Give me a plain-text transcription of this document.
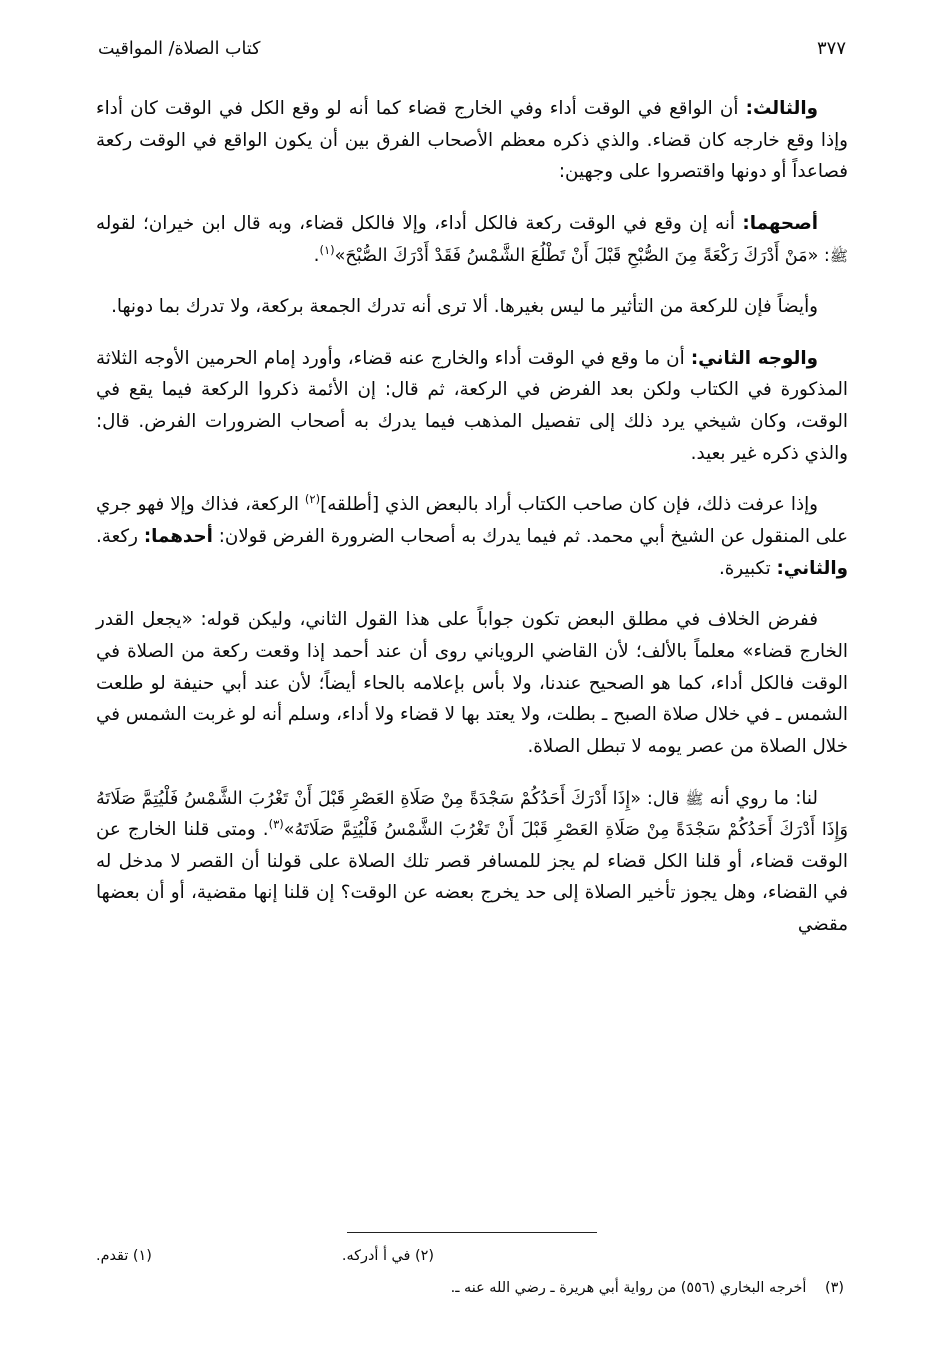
كتاب الصلاة/ المواقيت	٣٧٧

والثالث: أن الواقع في الوقت أداء وفي الخارج قضاء كما أنه لو وقع الكل في الوقت كان أداء وإذا وقع خارجه كان قضاء. والذي ذكره معظم الأصحاب الفرق بين أن يكون الواقع في الوقت ركعة فصاعداً أو دونها واقتصروا على وجهين:

أصحهما: أنه إن وقع في الوقت ركعة فالكل أداء، وإلا فالكل قضاء، وبه قال ابن خيران؛ لقوله ﷺ: «مَنْ أَدْرَكَ رَكْعَةً مِنَ الصُّبْحِ قَبْلَ أَنْ تَطْلُعَ الشَّمْسُ فَقَدْ أَدْرَكَ الصُّبْحَ»$^{(١)}$.

وأيضاً فإن للركعة من التأثير ما ليس بغيرها. ألا ترى أنه تدرك الجمعة بركعة، ولا تدرك بما دونها.

والوجه الثاني: أن ما وقع في الوقت أداء والخارج عنه قضاء، وأورد إمام الحرمين الأوجه الثلاثة المذكورة في الكتاب ولكن بعد الفرض في الركعة، ثم قال: إن الأئمة ذكروا الركعة فيما يقع في الوقت، وكان شيخي يرد ذلك إلى تفصيل المذهب فيما يدرك به أصحاب الضرورات الفرض. قال: والذي ذكره غير بعيد.

وإذا عرفت ذلك، فإن كان صاحب الكتاب أراد بالبعض الذي [أطلقه]$^{(٢)}$ الركعة، فذاك وإلا فهو جري على المنقول عن الشيخ أبي محمد. ثم فيما يدرك به أصحاب الضرورة الفرض قولان: أحدهما: ركعة. والثاني: تكبيرة.

ففرض الخلاف في مطلق البعض تكون جواباً على هذا القول الثاني، وليكن قوله: «يجعل القدر الخارج قضاء» معلماً بالألف؛ لأن القاضي الروياني روى أن عند أحمد إذا وقعت ركعة من الصلاة في الوقت فالكل أداء، كما هو الصحيح عندنا، ولا بأس بإعلامه بالحاء أيضاً؛ لأن عند أبي حنيفة لو طلعت الشمس ـ في خلال صلاة الصبح ـ بطلت، ولا يعتد بها لا قضاء ولا أداء، وسلم أنه لو غربت الشمس في خلال الصلاة من عصر يومه لا تبطل الصلاة.

لنا: ما روي أنه ﷺ قال: «إِذَا أَدْرَكَ أَحَدُكُمْ سَجْدَةً مِنْ صَلَاةِ العَصْرِ قَبْلَ أَنْ تَغْرُبَ الشَّمْسُ فَلْيُتِمَّ صَلَاتَهُ وَإِذَا أَدْرَكَ أَحَدُكُمْ سَجْدَةً مِنْ صَلَاةِ العَصْرِ قَبْلَ أَنْ تَغْرُبَ الشَّمْسُ فَلْيُتِمَّ صَلَاتَهُ»$^{(٣)}$. ومتى قلنا الخارج عن الوقت قضاء، أو قلنا الكل قضاء لم يجز للمسافر قصر تلك الصلاة على قولنا أن القصر لا مدخل له في القضاء، وهل يجوز تأخير الصلاة إلى حد يخرج بعضه عن الوقت؟ إن قلنا إنها مقضية، أو أن بعضها مقضي

(١) تقدم.	(٢) في أ أدركه.
(٣) أخرجه البخاري (٥٥٦) من رواية أبي هريرة ـ رضي الله عنه ـ.
